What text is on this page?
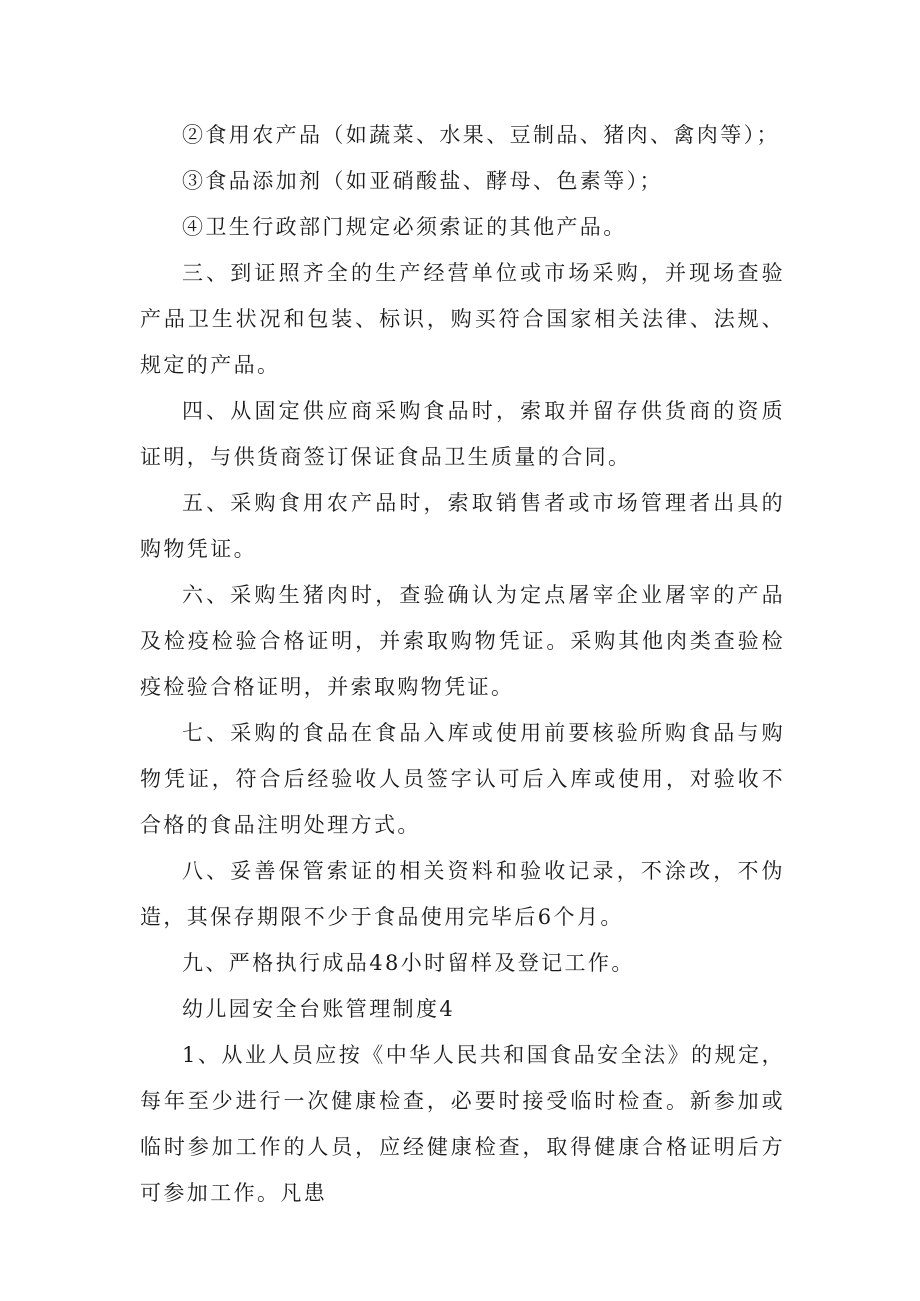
②食用农产品（如蔬菜、水果、豆制品、猪肉、禽肉等）；

③食品添加剂（如亚硝酸盐、酵母、色素等）；

④卫生行政部门规定必须索证的其他产品。

三、到证照齐全的生产经营单位或市场采购，并现场查验产品卫生状况和包装、标识，购买符合国家相关法律、法规、规定的产品。

四、从固定供应商采购食品时，索取并留存供货商的资质证明，与供货商签订保证食品卫生质量的合同。

五、采购食用农产品时，索取销售者或市场管理者出具的购物凭证。

六、采购生猪肉时，查验确认为定点屠宰企业屠宰的产品及检疫检验合格证明，并索取购物凭证。采购其他肉类查验检疫检验合格证明，并索取购物凭证。

七、采购的食品在食品入库或使用前要核验所购食品与购物凭证，符合后经验收人员签字认可后入库或使用，对验收不合格的食品注明处理方式。

八、妥善保管索证的相关资料和验收记录，不涂改，不伪造，其保存期限不少于食品使用完毕后6个月。

九、严格执行成品48小时留样及登记工作。

幼儿园安全台账管理制度4

1、从业人员应按《中华人民共和国食品安全法》的规定，每年至少进行一次健康检查，必要时接受临时检查。新参加或临时参加工作的人员，应经健康检查，取得健康合格证明后方可参加工作。凡患
